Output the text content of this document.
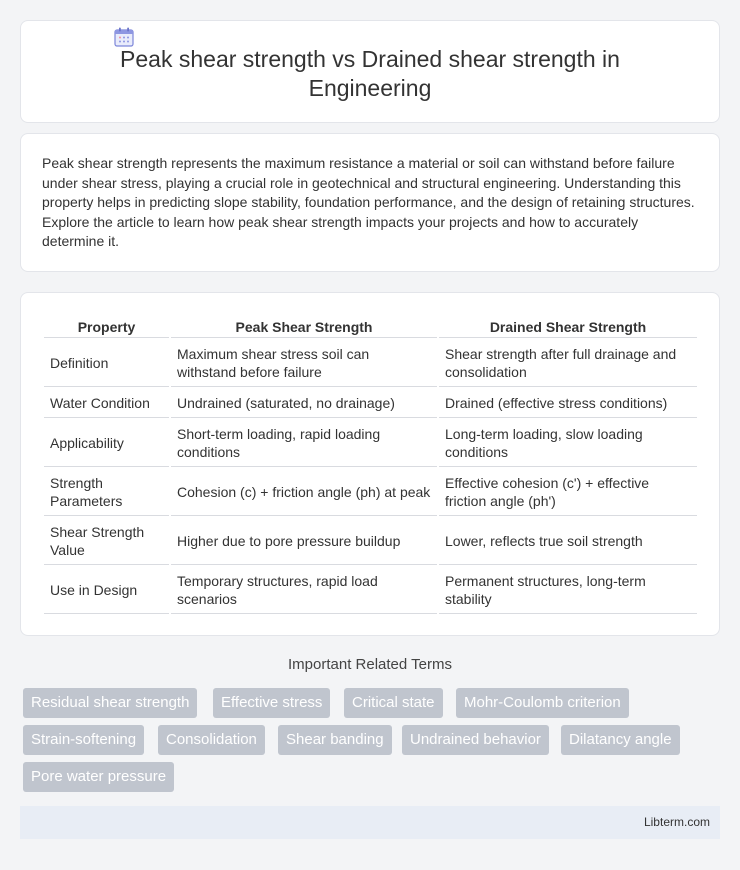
Peak shear strength vs Drained shear strength in Engineering

Peak shear strength represents the maximum resistance a material or soil can withstand before failure under shear stress, playing a crucial role in geotechnical and structural engineering. Understanding this property helps in predicting slope stability, foundation performance, and the design of retaining structures. Explore the article to learn how peak shear strength impacts your projects and how to accurately determine it.

Property	Peak Shear Strength	Drained Shear Strength
Definition	Maximum shear stress soil can withstand before failure	Shear strength after full drainage and consolidation
Water Condition	Undrained (saturated, no drainage)	Drained (effective stress conditions)
Applicability	Short-term loading, rapid loading conditions	Long-term loading, slow loading conditions
Strength Parameters	Cohesion (c) + friction angle (ph) at peak	Effective cohesion (c') + effective friction angle (ph')
Shear Strength Value	Higher due to pore pressure buildup	Lower, reflects true soil strength
Use in Design	Temporary structures, rapid load scenarios	Permanent structures, long-term stability
Important Related Terms
Residual shear strength	Effective stress	Critical state	Mohr-Coulomb criterion
Strain-softening	Consolidation	Shear banding	Undrained behavior	Dilatancy angle
Pore water pressure
Libterm.com
